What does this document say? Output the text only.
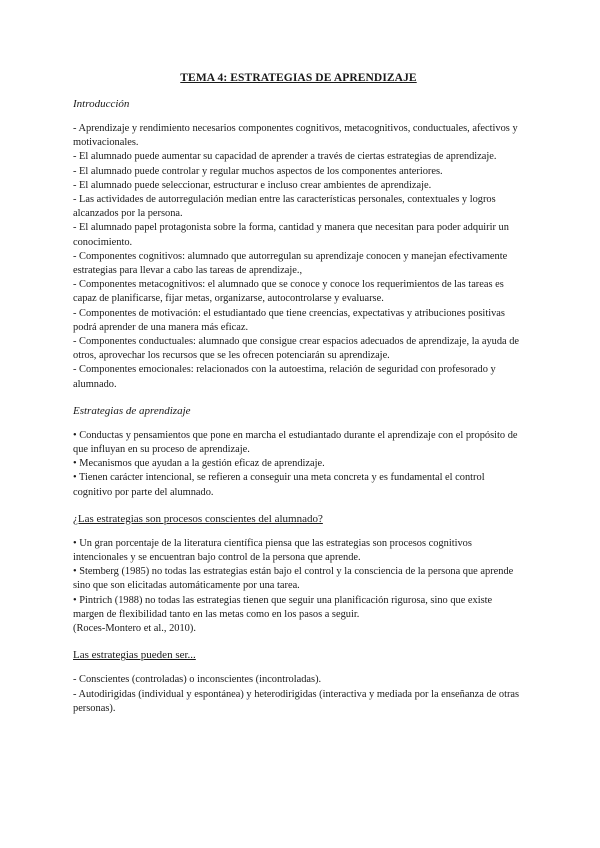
TEMA 4: ESTRATEGIAS DE APRENDIZAJE
Introducción

- Aprendizaje y rendimiento necesarios componentes cognitivos, metacognitivos, conductuales, afectivos y motivacionales.

- El alumnado puede aumentar su capacidad de aprender a través de ciertas estrategias de aprendizaje.

- El alumnado puede controlar y regular muchos aspectos de los componentes anteriores.

- El alumnado puede seleccionar, estructurar e incluso crear ambientes de aprendizaje.

- Las actividades de autorregulación median entre las características personales, contextuales y logros alcanzados por la persona.

- El alumnado papel protagonista sobre la forma, cantidad y manera que necesitan para poder adquirir un conocimiento.

- Componentes cognitivos: alumnado que autorregulan su aprendizaje conocen y manejan efectivamente estrategias para llevar a cabo las tareas de aprendizaje.,

- Componentes metacognitivos: el alumnado que se conoce y conoce los requerimientos de las tareas es capaz de planificarse, fijar metas, organizarse, autocontrolarse y evaluarse.

- Componentes de motivación: el estudiantado que tiene creencias, expectativas y atribuciones positivas podrá aprender de una manera más eficaz.

- Componentes conductuales: alumnado que consigue crear espacios adecuados de aprendizaje, la ayuda de otros, aprovechar los recursos que se les ofrecen potenciarán su aprendizaje.

- Componentes emocionales: relacionados con la autoestima, relación de seguridad con profesorado y alumnado.

Estrategias de aprendizaje

• Conductas y pensamientos que pone en marcha el estudiantado durante el aprendizaje con el propósito de que influyan en su proceso de aprendizaje.

• Mecanismos que ayudan a la gestión eficaz de aprendizaje.

• Tienen carácter intencional, se refieren a conseguir una meta concreta y es fundamental el control cognitivo por parte del alumnado.

¿Las estrategias son procesos conscientes del alumnado?

• Un gran porcentaje de la literatura científica piensa que las estrategias son procesos cognitivos intencionales y se encuentran bajo control de la persona que aprende.

• Stemberg (1985) no todas las estrategias están bajo el control y la consciencia de la persona que aprende sino que son elicitadas automáticamente por una tarea.

• Pintrich (1988) no todas las estrategias tienen que seguir una planificación rigurosa, sino que existe margen de flexibilidad tanto en las metas como en los pasos a seguir.

(Roces-Montero et al., 2010).

Las estrategias pueden ser...

- Conscientes (controladas) o inconscientes (incontroladas).

- Autodirigidas (individual y espontánea) y heterodirigidas (interactiva y mediada por la enseñanza de otras personas).
